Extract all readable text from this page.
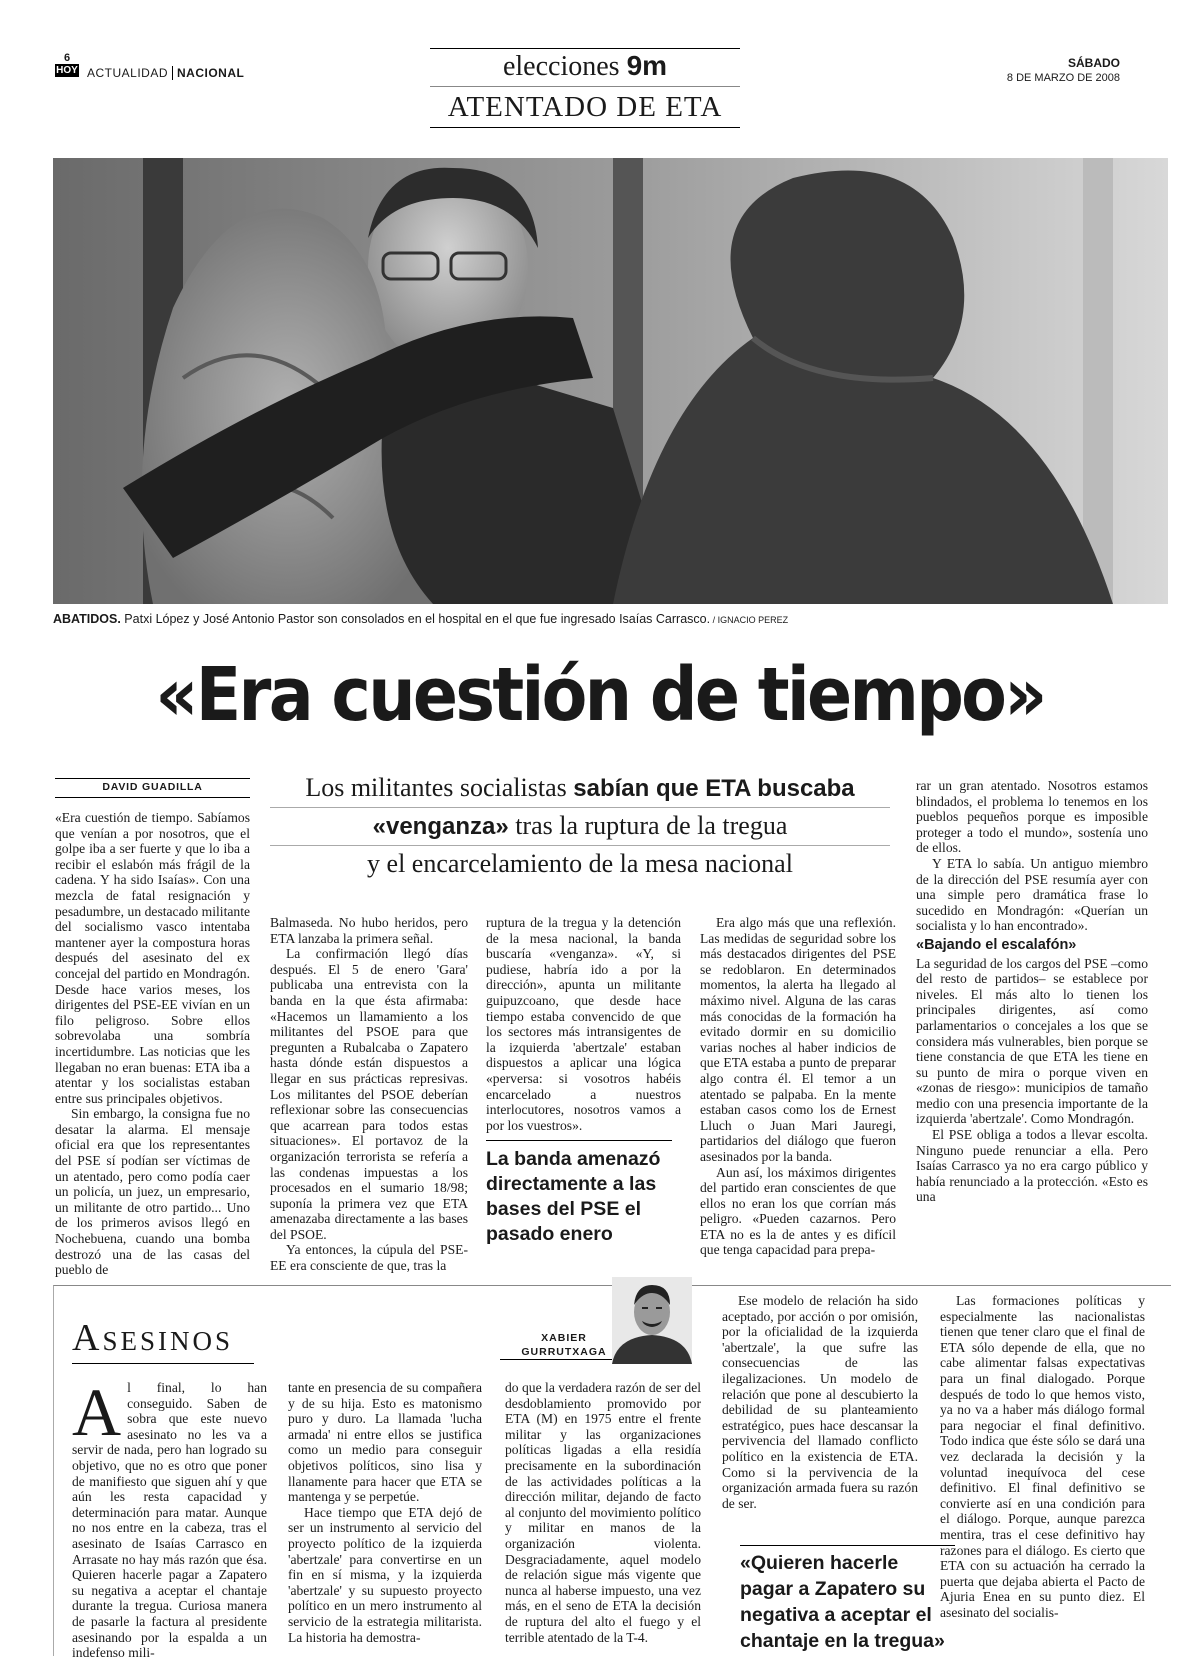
6
HOY ACTUALIDAD NACIONAL	elecciones 9m
ATENTADO DE ETA
SÁBADO
8 DE MARZO DE 2008
ABATIDOS. Patxi López y José Antonio Pastor son consolados en el hospital en el que fue ingresado Isaías Carrasco. / IGNACIO PEREZ
«Era cuestión de tiempo»
DAVID GUADILLA	Los militantes socialistas sabían que ETA buscaba
«venganza» tras la ruptura de la tregua
y el encarcelamiento de la mesa nacional

«Era cuestión de tiempo. Sabíamos que venían a por nosotros, que el golpe iba a ser fuerte y que lo iba a recibir el eslabón más frágil de la cadena. Y ha sido Isaías». Con una mezcla de fatal resignación y pesadumbre, un destacado militante del socialismo vasco intentaba mantener ayer la compostura horas después del asesinato del ex concejal del partido en Mondragón. Desde hace varios meses, los dirigentes del PSE-EE vivían en un filo peligroso. Sobre ellos sobrevolaba una sombría incertidumbre. Las noticias que les llegaban no eran buenas: ETA iba a atentar y los socialistas estaban entre sus principales objetivos.

Sin embargo, la consigna fue no desatar la alarma. El mensaje oficial era que los representantes del PSE sí podían ser víctimas de un atentado, pero como podía caer un policía, un juez, un empresario, un militante de otro partido... Uno de los primeros avisos llegó en Nochebuena, cuando una bomba destrozó una de las casas del pueblo de

Balmaseda. No hubo heridos, pero ETA lanzaba la primera señal.

La confirmación llegó días después. El 5 de enero 'Gara' publicaba una entrevista con la banda en la que ésta afirmaba: «Hacemos un llamamiento a los militantes del PSOE para que pregunten a Rubalcaba o Zapatero hasta dónde están dispuestos a llegar en sus prácticas represivas. Los militantes del PSOE deberían reflexionar sobre las consecuencias que acarrean para todos estas situaciones». El portavoz de la organización terrorista se refería a las condenas impuestas a los procesados en el sumario 18/98; suponía la primera vez que ETA amenazaba directamente a las bases del PSOE.

Ya entonces, la cúpula del PSE-EE era consciente de que, tras la

ruptura de la tregua y la detención de la mesa nacional, la banda buscaría «venganza». «Y, si pudiese, habría ido a por la dirección», apunta un militante guipuzcoano, que desde hace tiempo estaba convencido de que los sectores más intransigentes de la izquierda 'abertzale' estaban dispuestos a aplicar una lógica «perversa: si vosotros habéis encarcelado a nuestros interlocutores, nosotros vamos a por los vuestros».

La banda amenazó directamente a las bases del PSE el pasado enero

Era algo más que una reflexión. Las medidas de seguridad sobre los más destacados dirigentes del PSE se redoblaron. En determinados momentos, la alerta ha llegado al máximo nivel. Alguna de las caras más conocidas de la formación ha evitado dormir en su domicilio varias noches al haber indicios de que ETA estaba a punto de preparar algo contra él. El temor a un atentado se palpaba. En la mente estaban casos como los de Ernest Lluch o Juan Mari Jauregi, partidarios del diálogo que fueron asesinados por la banda.

Aun así, los máximos dirigentes del partido eran conscientes de que ellos no eran los que corrían más peligro. «Pueden cazarnos. Pero ETA no es la de antes y es difícil que tenga capacidad para prepa-

rar un gran atentado. Nosotros estamos blindados, el problema lo tenemos en los pueblos pequeños porque es imposible proteger a todo el mundo», sostenía uno de ellos.

Y ETA lo sabía. Un antiguo miembro de la dirección del PSE resumía ayer con una simple pero dramática frase lo sucedido en Mondragón: «Querían un socialista y lo han encontrado».

«Bajando el escalafón»

La seguridad de los cargos del PSE –como del resto de partidos– se establece por niveles. El más alto lo tienen los principales dirigentes, así como parlamentarios o concejales a los que se considera más vulnerables, bien porque se tiene constancia de que ETA les tiene en su punto de mira o porque viven en «zonas de riesgo»: municipios de tamaño medio con una presencia importante de la izquierda 'abertzale'. Como Mondragón.

El PSE obliga a todos a llevar escolta. Ninguno puede renunciar a ella. Pero Isaías Carrasco ya no era cargo público y había renunciado a la protección. «Esto es una

Asesinos	XABIER
GURRUTXAGA

Al final, lo han conseguido. Saben de sobra que este nuevo asesinato no les va a servir de nada, pero han logrado su objetivo, que no es otro que poner de manifiesto que siguen ahí y que aún les resta capacidad y determinación para matar. Aunque no nos entre en la cabeza, tras el asesinato de Isaías Carrasco en Arrasate no hay más razón que ésa. Quieren hacerle pagar a Zapatero su negativa a aceptar el chantaje durante la tregua. Curiosa manera de pasarle la factura al presidente asesinando por la espalda a un indefenso mili-

tante en presencia de su compañera y de su hija. Esto es matonismo puro y duro. La llamada 'lucha armada' ni entre ellos se justifica como un medio para conseguir objetivos políticos, sino lisa y llanamente para hacer que ETA se mantenga y se perpetúe.

Hace tiempo que ETA dejó de ser un instrumento al servicio del proyecto político de la izquierda 'abertzale' para convertirse en un fin en sí misma, y la izquierda 'abertzale' y su supuesto proyecto político en un mero instrumento al servicio de la estrategia militarista. La historia ha demostra-

do que la verdadera razón de ser del desdoblamiento promovido por ETA (M) en 1975 entre el frente militar y las organizaciones políticas ligadas a ella residía precisamente en la subordinación de las actividades políticas a la dirección militar, dejando de facto al conjunto del movimiento político y militar en manos de la organización violenta. Desgraciadamente, aquel modelo de relación sigue más vigente que nunca al haberse impuesto, una vez más, en el seno de ETA la decisión de ruptura del alto el fuego y el terrible atentado de la T-4.

Ese modelo de relación ha sido aceptado, por acción o por omisión, por la oficialidad de la izquierda 'abertzale', la que sufre las consecuencias de las ilegalizaciones. Un modelo de relación que pone al descubierto la debilidad de su planteamiento estratégico, pues hace descansar la pervivencia del llamado conflicto político en la existencia de ETA. Como si la pervivencia de la organización armada fuera su razón de ser.

«Quieren hacerle pagar a Zapatero su negativa a aceptar el chantaje en la tregua»

Las formaciones políticas y especialmente las nacionalistas tienen que tener claro que el final de ETA sólo depende de ella, que no cabe alimentar falsas expectativas para un final dialogado. Porque después de todo lo que hemos visto, ya no va a haber más diálogo formal para negociar el final definitivo. Todo indica que éste sólo se dará una vez declarada la decisión y la voluntad inequívoca del cese definitivo. El final definitivo se convierte así en una condición para el diálogo. Porque, aunque parezca mentira, tras el cese definitivo hay razones para el diálogo. Es cierto que ETA con su actuación ha cerrado la puerta que dejaba abierta el Pacto de Ajuria Enea en su punto diez. El asesinato del socialis-
